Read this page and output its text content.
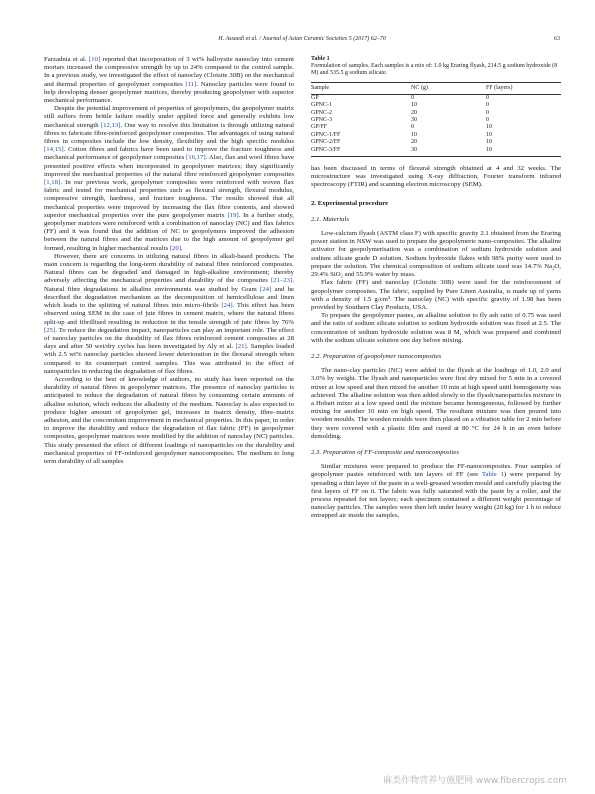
H. Assaedi et al. / Journal of Asian Ceramic Societies 5 (2017) 62–70	63

Farzadnia et al. [10] reported that incorporation of 3 wt% halloysite nanoclay into cement mortars increased the compressive strength by up to 24% compared to the control sample. In a previous study, we investigated the effect of nanoclay (Cloisite 30B) on the mechanical and thermal properties of geopolymer composites [11]. Nanoclay particles were found to help developing denser geopolymer matrices, thereby producing geopolymer with superior mechanical performance.

Despite the potential improvement of properties of geopolymers, the geopolymer matrix still suffers from brittle failure readily under applied force and generally exhibits low mechanical strength [12,13]. One way to resolve this limitation is through utilizing natural fibres to fabricate fibre-reinforced geopolymer composites. The advantages of using natural fibres in composites include the low density, flexibility and the high specific modulus [14,15]. Cotton fibres and fabrics have been used to improve the fracture toughness and mechanical performance of geopolymer composites [16,17]. Also, flax and wool fibres have presented positive effects when incorporated in geopolymer matrices; they significantly improved the mechanical properties of the natural fibre reinforced geopolymer composites [1,18]. In our previous work, geopolymer composites were reinforced with woven flax fabric and tested for mechanical properties such as flexural strength, flexural modulus, compressive strength, hardness, and fracture toughness. The results showed that all mechanical properties were improved by increasing the flax fibre contents, and showed superior mechanical properties over the pure geopolymer matrix [19]. In a further study, geopolymer matrices were reinforced with a combination of nanoclay (NC) and flax fabrics (FF) and it was found that the addition of NC to geopolymers improved the adhesion between the natural fibres and the matrices due to the high amount of geopolymer gel formed, resulting in higher mechanical results [20].

However, there are concerns in utilizing natural fibres in alkali-based products. The main concern is regarding the long-term durability of natural fibre reinforced composites. Natural fibres can be degraded and damaged in high-alkaline environment; thereby adversely affecting the mechanical properties and durability of the composites [21–23]. Natural fibre degradations in alkaline environments was studied by Gram [24] and he described the degradation mechanism as the decomposition of hemicellulose and linen which leads to the splitting of natural fibres into micro-fibrils [24]. This effect has been observed using SEM in the case of jute fibres in cement matrix, where the natural fibres split-up and fibrillised resulting in reduction in the tensile strength of jute fibres by 76% [25]. To reduce the degradation impact, nanoparticles can play an important role. The effect of nanoclay particles on the durability of flax fibres reinforced cement composites at 28 days and after 50 wet/dry cycles has been investigated by Aly et al. [21]. Samples loaded with 2.5 wt% nanoclay particles showed lower deterioration in the flexural strength when compared to its counterpart control samples. This was attributed to the effect of nanoparticles in reducing the degradation of flax fibres.

According to the best of knowledge of authors, no study has been reported on the durability of natural fibres in geopolymer matrices. The presence of nanoclay particles is anticipated to reduce the degradation of natural fibres by consuming certain amounts of alkaline solution, which reduces the alkalinity of the medium. Nanoclay is also expected to produce higher amount of geopolymer gel, increases in matrix density, fibre–matrix adhesion, and the concomitant improvement in mechanical properties. In this paper, in order to improve the durability and reduce the degradation of flax fabric (FF) in geopolymer composites, geopolymer matrices were modified by the addition of nanoclay (NC) particles. This study presented the effect of different loadings of nanoparticles on the durability and mechanical properties of FF-reinforced geopolymer nanocomposites. The medium to long term durability of all samples

Table 1
Formulation of samples. Each samples is a mix of: 1.0 kg Eraring flyash, 214.5 g sodium hydroxide (8 M) and 535.5 g sodium silicate.
Sample	NC (g)	FF (layers)
GP	0	0
GPNC-1	10	0
GPNC-2	20	0
GPNC-3	30	0
GP/FF	0	10
GPNC-1/FF	10	10
GPNC-2/FF	20	10
GPNC-3/FF	30	10

has been discussed in terms of flexural strength obtained at 4 and 32 weeks. The microstructure was investigated using X-ray diffraction, Fourier transform infrared spectroscopy (FTIR) and scanning electron microscopy (SEM).

2. Experimental procedure
2.1. Materials

Low-calcium flyash (ASTM class F) with specific gravity 2.1 obtained from the Eraring power station in NSW was used to prepare the geopolymeric nano-composites. The alkaline activator for geopolymerisation was a combination of sodium hydroxide solution and sodium silicate grade D solution. Sodium hydroxide flakes with 98% purity were used to prepare the solution. The chemical composition of sodium silicate used was 14.7% Na₂O, 29.4% SiO₂ and 55.9% water by mass.

Flax fabric (FF) and nanoclay (Cloisite 30B) were used for the reinforcement of geopolymer composites. The fabric, supplied by Pure Linen Australia, is made up of yarns with a density of 1.5 g/cm³. The nanoclay (NC) with specific gravity of 1.98 has been provided by Southern Clay Products, USA.

To prepare the geopolymer pastes, an alkaline solution to fly ash ratio of 0.75 was used and the ratio of sodium silicate solution to sodium hydroxide solution was fixed at 2.5. The concentration of sodium hydroxide solution was 8 M, which was prepared and combined with the sodium silicate solution one day before mixing.

2.2. Preparation of geopolymer nanocomposites

The nano-clay particles (NC) were added to the flyash at the loadings of 1.0, 2.0 and 3.0% by weight. The flyash and nanoparticles were first dry mixed for 5 min in a covered mixer at low speed and then mixed for another 10 min at high speed until homogeneity was achieved. The alkaline solution was then added slowly to the flyash/nanoparticles mixture in a Hobart mixer at a low speed until the mixture became homogeneous, followed by further mixing for another 10 min on high speed. The resultant mixture was then poured into wooden moulds. The wooden moulds were then placed on a vibration table for 2 min before they were covered with a plastic film and cured at 80 °C for 24 h in an oven before demolding.

2.3. Preparation of FF-composite and nanocomposites

Similar mixtures were prepared to produce the FF-nanocomposites. Four samples of geopolymer pastes reinforced with ten layers of FF (see Table 1) were prepared by spreading a thin layer of the paste in a well-greased wooden mould and carefully placing the first layers of FF on it. The fabric was fully saturated with the paste by a roller, and the process repeated for ten layers; each specimen contained a different weight percentage of nanoclay particles. The samples were then left under heavy weight (20 kg) for 1 h to reduce entrapped air inside the samples,

麻类作物营养与施肥网 www.fibercrops.com
